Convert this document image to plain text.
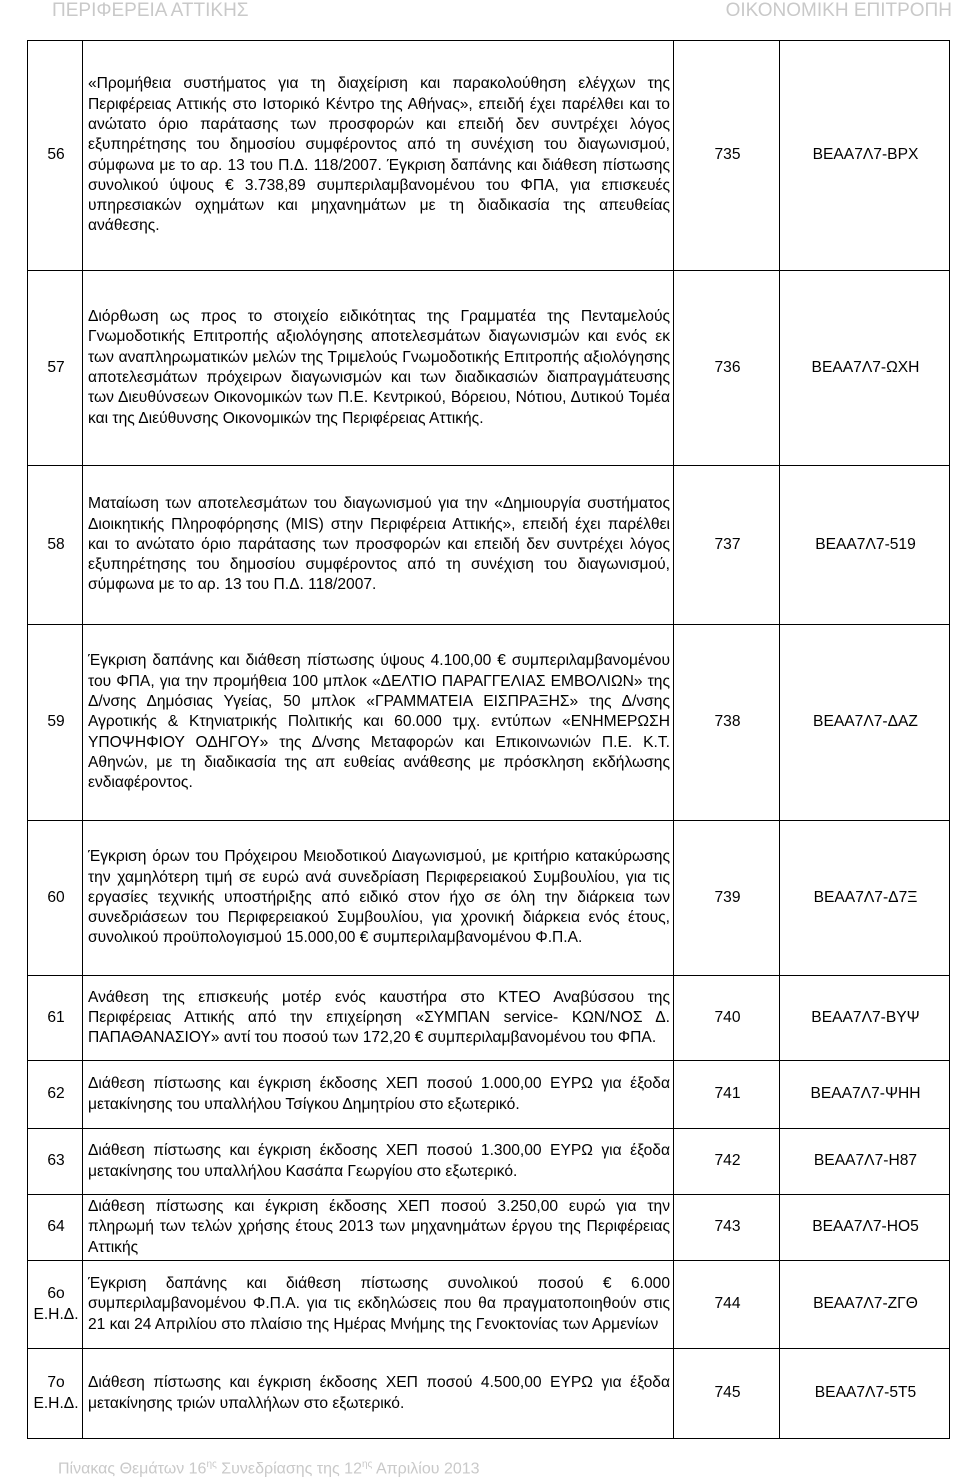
ΠΕΡΙΦΕΡΕΙΑ ΑΤΤΙΚΗΣ	ΟΙΚΟΝΟΜΙΚΗ ΕΠΙΤΡΟΠΗ
56	«Προμήθεια συστήματος για τη διαχείριση και παρακολούθηση ελέγχων της Περιφέρειας Αττικής στο Ιστορικό Κέντρο της Αθήνας», επειδή έχει παρέλθει και το ανώτατο όριο παράτασης των προσφορών και επειδή δεν συντρέχει λόγος εξυπηρέτησης του δημοσίου συμφέροντος από τη συνέχιση του διαγωνισμού, σύμφωνα με το αρ. 13 του Π.Δ. 118/2007. Έγκριση δαπάνης και διάθεση πίστωσης συνολικού ύψους € 3.738,89 συμπεριλαμβανομένου του ΦΠΑ, για επισκευές υπηρεσιακών οχημάτων και μηχανημάτων με τη διαδικασία της απευθείας ανάθεσης.	735	ΒΕΑΑ7Λ7-ΒΡΧ
57	Διόρθωση ως προς το στοιχείο ειδικότητας της Γραμματέα της Πενταμελούς Γνωμοδοτικής Επιτροπής αξιολόγησης αποτελεσμάτων διαγωνισμών και ενός εκ των αναπληρωματικών μελών της Τριμελούς Γνωμοδοτικής Επιτροπής αξιολόγησης αποτελεσμάτων πρόχειρων διαγωνισμών και των διαδικασιών διαπραγμάτευσης των Διευθύνσεων Οικονομικών των Π.Ε. Κεντρικού, Βόρειου, Νότιου, Δυτικού Τομέα και της Διεύθυνσης Οικονομικών της Περιφέρειας Αττικής.	736	ΒΕΑΑ7Λ7-ΩΧΗ
58	Ματαίωση των αποτελεσμάτων του διαγωνισμού για την «Δημιουργία συστήματος Διοικητικής Πληροφόρησης (MIS) στην Περιφέρεια Αττικής», επειδή έχει παρέλθει και το ανώτατο όριο παράτασης των προσφορών και επειδή δεν συντρέχει λόγος εξυπηρέτησης του δημοσίου συμφέροντος από τη συνέχιση του διαγωνισμού, σύμφωνα με το αρ. 13 του Π.Δ. 118/2007.	737	ΒΕΑΑ7Λ7-519
59	Έγκριση δαπάνης και διάθεση πίστωσης ύψους 4.100,00 € συμπεριλαμβανομένου του ΦΠΑ, για την προμήθεια 100 μπλοκ «ΔΕΛΤΙΟ ΠΑΡΑΓΓΕΛΙΑΣ ΕΜΒΟΛΙΩΝ» της Δ/νσης Δημόσιας Υγείας, 50 μπλοκ «ΓΡΑΜΜΑΤΕΙΑ ΕΙΣΠΡΑΞΗΣ» της Δ/νσης Αγροτικής & Κτηνιατρικής Πολιτικής και 60.000 τμχ. εντύπων «ΕΝΗΜΕΡΩΣΗ ΥΠΟΨΗΦΙΟΥ ΟΔΗΓΟΥ» της Δ/νσης Μεταφορών και Επικοινωνιών Π.Ε. Κ.Τ. Αθηνών, με τη διαδικασία της απ ευθείας ανάθεσης με πρόσκληση εκδήλωσης ενδιαφέροντος.	738	ΒΕΑΑ7Λ7-ΔΑΖ
60	Έγκριση όρων του Πρόχειρου Μειοδοτικού Διαγωνισμού, με κριτήριο κατακύρωσης την χαμηλότερη τιμή σε ευρώ ανά συνεδρίαση Περιφερειακού Συμβουλίου, για τις εργασίες τεχνικής υποστήριξης από ειδικό στον ήχο σε όλη την διάρκεια των συνεδριάσεων του Περιφερειακού Συμβουλίου, για χρονική διάρκεια ενός έτους, συνολικού προϋπολογισμού 15.000,00 € συμπεριλαμβανομένου Φ.Π.Α.	739	ΒΕΑΑ7Λ7-Δ7Ξ
61	Ανάθεση της επισκευής μοτέρ ενός καυστήρα στο ΚΤΕΟ Αναβύσσου της Περιφέρειας Αττικής από την επιχείρηση «ΣΥΜΠΑΝ service- ΚΩΝ/ΝΟΣ Δ. ΠΑΠΑΘΑΝΑΣΙΟΥ» αντί του ποσού των 172,20 € συμπεριλαμβανομένου του ΦΠΑ.	740	ΒΕΑΑ7Λ7-ΒΥΨ
62	Διάθεση πίστωσης και έγκριση έκδοσης ΧΕΠ ποσού 1.000,00 ΕΥΡΩ για έξοδα μετακίνησης του υπαλλήλου Τσίγκου Δημητρίου στο εξωτερικό.	741	ΒΕΑΑ7Λ7-ΨΗΗ
63	Διάθεση πίστωσης και έγκριση έκδοσης ΧΕΠ ποσού 1.300,00 ΕΥΡΩ για έξοδα μετακίνησης του υπαλλήλου Κασάπα Γεωργίου στο εξωτερικό.	742	ΒΕΑΑ7Λ7-Η87
64	Διάθεση πίστωσης και έγκριση έκδοσης ΧΕΠ ποσού 3.250,00 ευρώ για την πληρωμή των τελών χρήσης έτους 2013 των μηχανημάτων έργου της Περιφέρειας Αττικής	743	ΒΕΑΑ7Λ7-ΗΟ5
6ο Ε.Η.Δ.	Έγκριση δαπάνης και διάθεση πίστωσης συνολικού ποσού € 6.000 συμπεριλαμβανομένου Φ.Π.Α. για τις εκδηλώσεις που θα πραγματοποιηθούν στις 21 και 24 Απριλίου στο πλαίσιο της Ημέρας Μνήμης της Γενοκτονίας των Αρμενίων	744	ΒΕΑΑ7Λ7-ΖΓΘ
7ο Ε.Η.Δ.	Διάθεση πίστωσης και έγκριση έκδοσης ΧΕΠ ποσού 4.500,00 ΕΥΡΩ για έξοδα μετακίνησης τριών υπαλλήλων στο εξωτερικό.	745	ΒΕΑΑ7Λ7-5Τ5
Πίνακας Θεμάτων $16^{\eta\varsigma}$ Συνεδρίασης της $12^{\eta\varsigma}$ Απριλίου 2013
